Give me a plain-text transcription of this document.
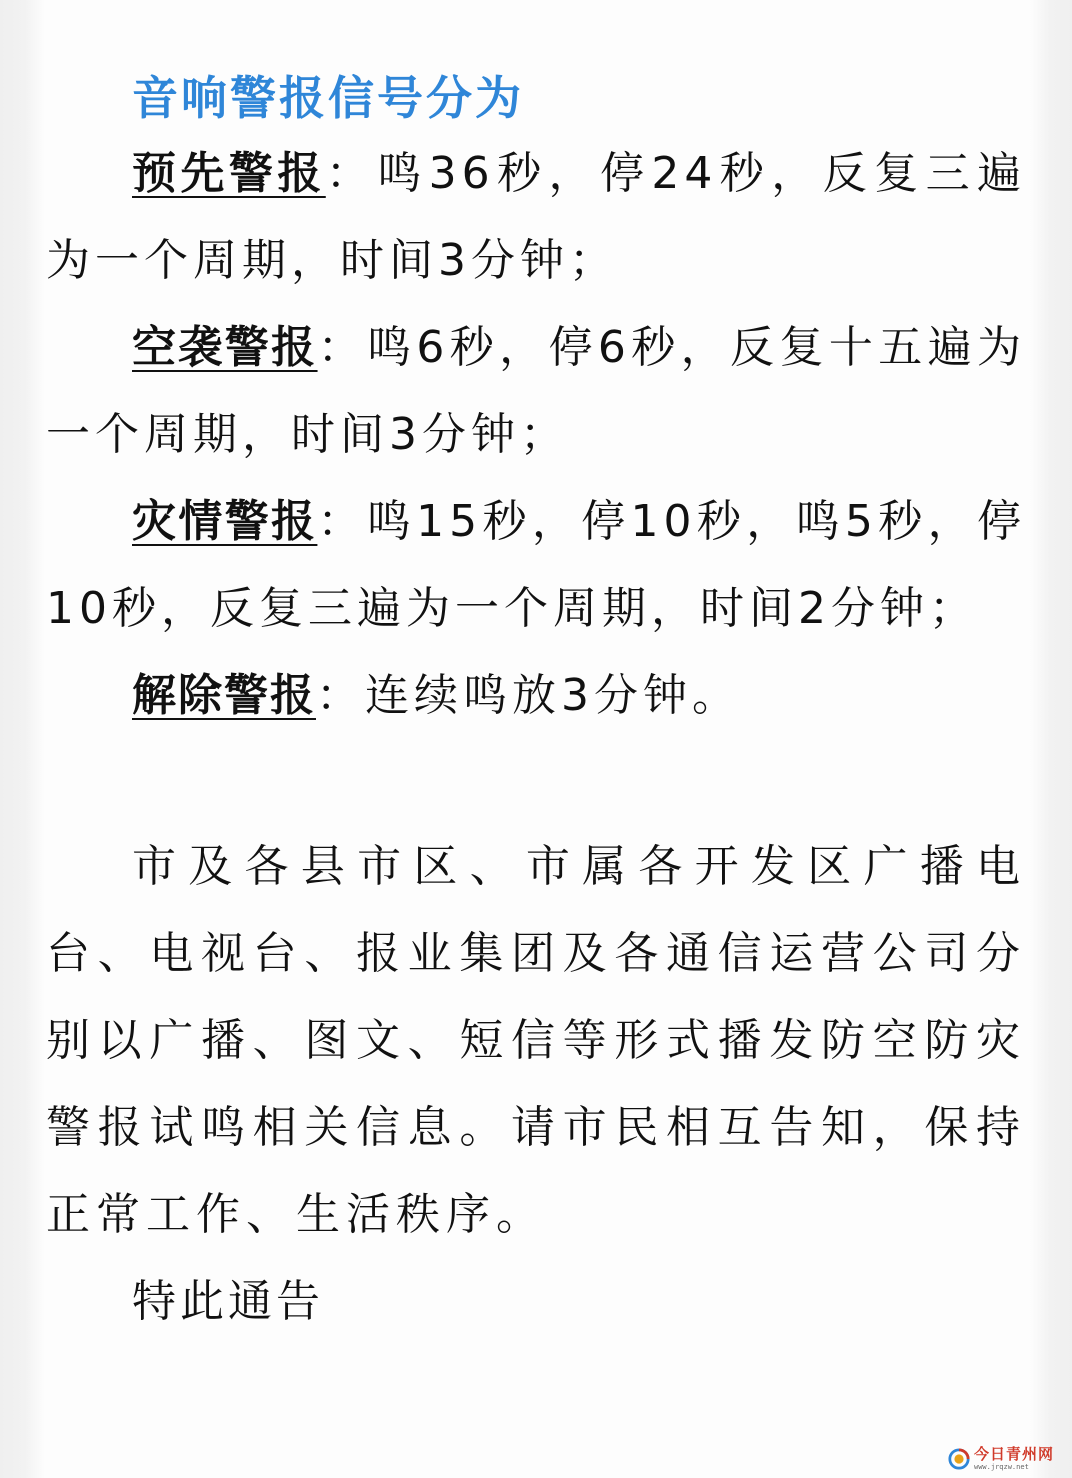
音响警报信号分为

预先警报：鸣36秒，停24秒，反复三遍为一个周期，时间3分钟；

空袭警报：鸣6秒，停6秒，反复十五遍为一个周期，时间3分钟；

灾情警报：鸣15秒，停10秒，鸣5秒，停10秒，反复三遍为一个周期，时间2分钟；

解除警报：连续鸣放3分钟。

市及各县市区、市属各开发区广播电台、电视台、报业集团及各通信运营公司分别以广播、图文、短信等形式播发防空防灾警报试鸣相关信息。请市民相互告知，保持正常工作、生活秩序。

特此通告

今日青州网
www.jrqzw.net
